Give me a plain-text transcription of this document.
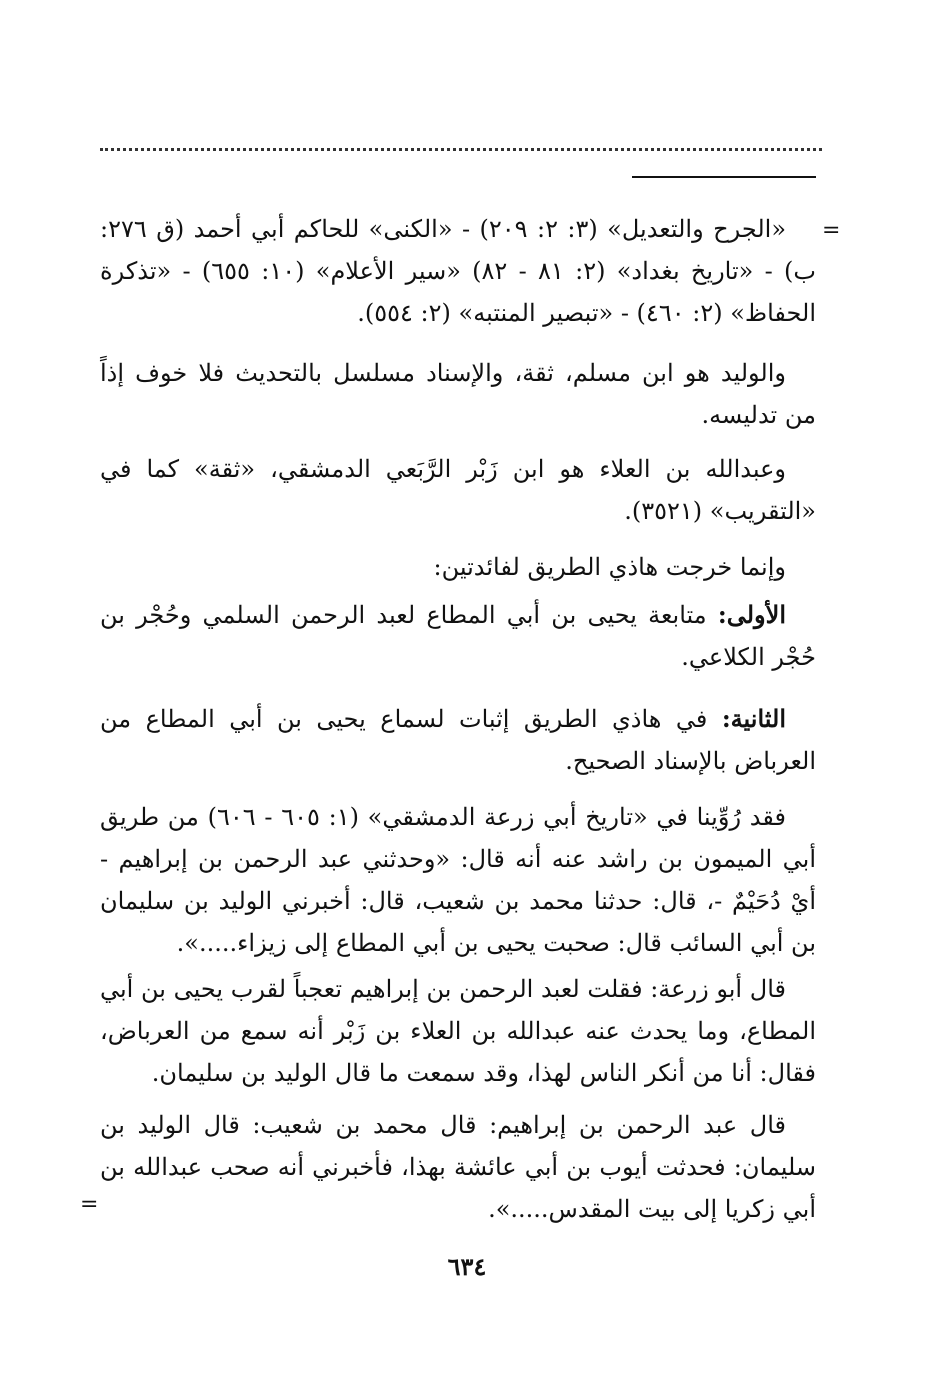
=

«الجرح والتعديل» (٣: ٢: ٢٠٩) - «الكنى» للحاكم أبي أحمد (ق ٢٧٦: ب) - «تاريخ بغداد» (٢: ٨١ - ٨٢) «سير الأعلام» (١٠: ٦٥٥) - «تذكرة الحفاظ» (٢: ٤٦٠) - «تبصير المنتبه» (٢: ٥٥٤).

والوليد هو ابن مسلم، ثقة، والإسناد مسلسل بالتحديث فلا خوف إذاً من تدليسه.

وعبدالله بن العلاء هو ابن زَبْر الرَّبَعي الدمشقي، «ثقة» كما في «التقريب» (٣٥٢١).

وإنما خرجت هاذي الطريق لفائدتين:

الأولى: متابعة يحيى بن أبي المطاع لعبد الرحمن السلمي وحُجْر بن حُجْر الكلاعي.

الثانية: في هاذي الطريق إثبات لسماع يحيى بن أبي المطاع من العرباض بالإسناد الصحيح.

فقد رُوِّينا في «تاريخ أبي زرعة الدمشقي» (١: ٦٠٥ - ٦٠٦) من طريق أبي الميمون بن راشد عنه أنه قال: «وحدثني عبد الرحمن بن إبراهيم - أيْ دُحَيْمٌ -، قال: حدثنا محمد بن شعيب، قال: أخبرني الوليد بن سليمان بن أبي السائب قال: صحبت يحيى بن أبي المطاع إلى زيزاء.....».

قال أبو زرعة: فقلت لعبد الرحمن بن إبراهيم تعجباً لقرب يحيى بن أبي المطاع، وما يحدث عنه عبدالله بن العلاء بن زَبْر أنه سمع من العرباض، فقال: أنا من أنكر الناس لهذا، وقد سمعت ما قال الوليد بن سليمان.

قال عبد الرحمن بن إبراهيم: قال محمد بن شعيب: قال الوليد بن سليمان: فحدثت أيوب بن أبي عائشة بهذا، فأخبرني أنه صحب عبدالله بن أبي زكريا إلى بيت المقدس.....».

=
٦٣٤
